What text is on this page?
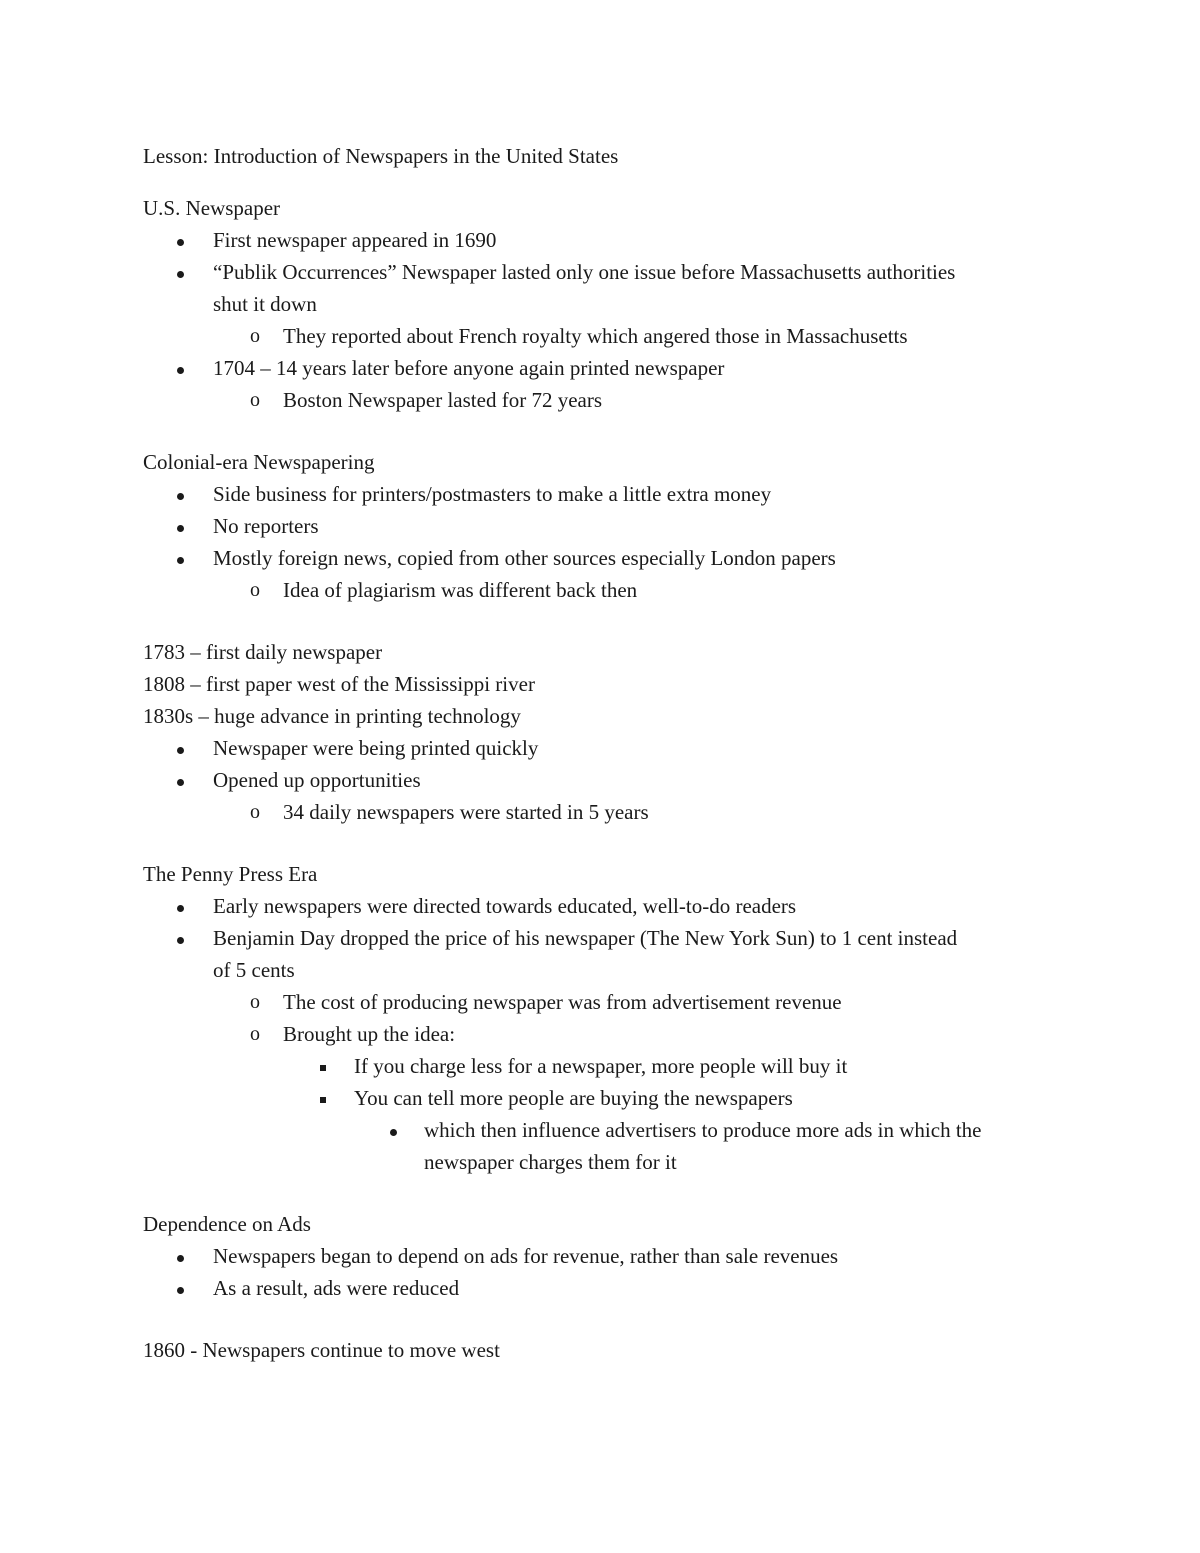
Lesson: Introduction of Newspapers in the United States
U.S. Newspaper
First newspaper appeared in 1690
“Publik Occurrences” Newspaper lasted only one issue before Massachusetts authorities
shut it down
o They reported about French royalty which angered those in Massachusetts
1704 – 14 years later before anyone again printed newspaper
o Boston Newspaper lasted for 72 years
Colonial-era Newspapering
Side business for printers/postmasters to make a little extra money
No reporters
Mostly foreign news, copied from other sources especially London papers
o Idea of plagiarism was different back then
1783 – first daily newspaper
1808 – first paper west of the Mississippi river
1830s – huge advance in printing technology
Newspaper were being printed quickly
Opened up opportunities
o 34 daily newspapers were started in 5 years
The Penny Press Era
Early newspapers were directed towards educated, well-to-do readers
Benjamin Day dropped the price of his newspaper (The New York Sun) to 1 cent instead
of 5 cents
o The cost of producing newspaper was from advertisement revenue
o Brought up the idea:
If you charge less for a newspaper, more people will buy it
You can tell more people are buying the newspapers
which then influence advertisers to produce more ads in which the
newspaper charges them for it
Dependence on Ads
Newspapers began to depend on ads for revenue, rather than sale revenues
As a result, ads were reduced
1860 - Newspapers continue to move west
